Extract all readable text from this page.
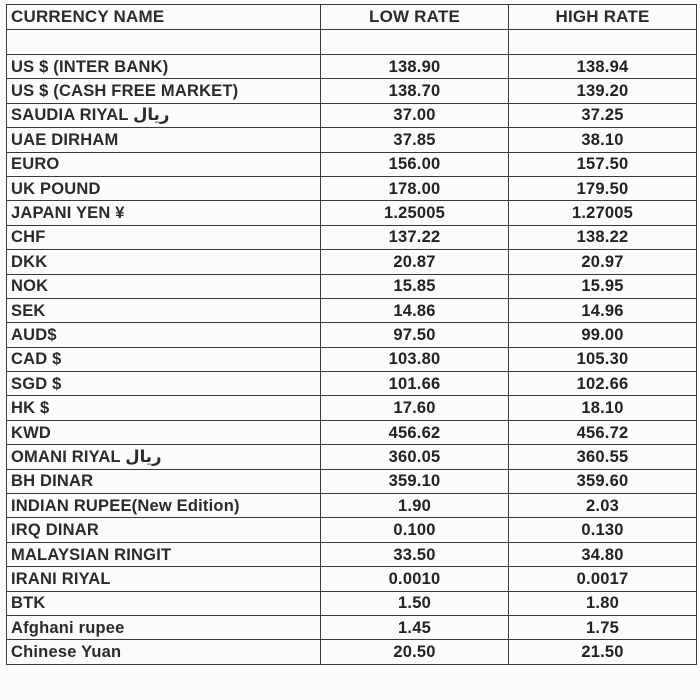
CURRENCY NAME	LOW RATE	HIGH RATE

US $ (INTER BANK)	138.90	138.94
US $ (CASH FREE MARKET)	138.70	139.20
SAUDIA RIYAL ریال	37.00	37.25
UAE DIRHAM	37.85	38.10
EURO	156.00	157.50
UK POUND	178.00	179.50
JAPANI YEN ¥	1.25005	1.27005
CHF	137.22	138.22
DKK	20.87	20.97
NOK	15.85	15.95
SEK	14.86	14.96
AUD$	97.50	99.00
CAD $	103.80	105.30
SGD $	101.66	102.66
HK $	17.60	18.10
KWD	456.62	456.72
OMANI RIYAL ریال	360.05	360.55
BH DINAR	359.10	359.60
INDIAN RUPEE(New Edition)	1.90	2.03
IRQ DINAR	0.100	0.130
MALAYSIAN RINGIT	33.50	34.80
IRANI RIYAL	0.0010	0.0017
BTK	1.50	1.80
Afghani rupee	1.45	1.75
Chinese Yuan	20.50	21.50
